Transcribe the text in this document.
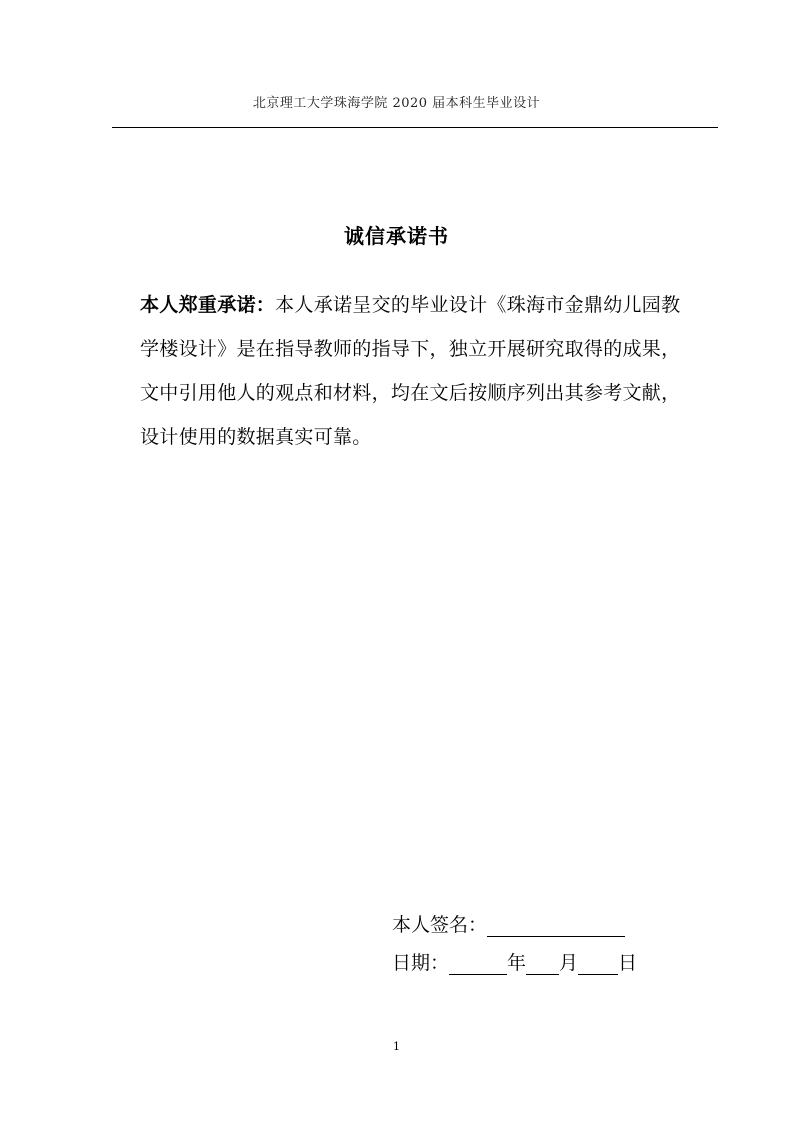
北京理工大学珠海学院 2020 届本科生毕业设计
诚信承诺书
本人郑重承诺：本人承诺呈交的毕业设计《珠海市金鼎幼儿园教学楼设计》是在指导教师的指导下，独立开展研究取得的成果，文中引用他人的观点和材料，均在文后按顺序列出其参考文献，设计使用的数据真实可靠。
本人签名：
日期：	年 月 日
1
